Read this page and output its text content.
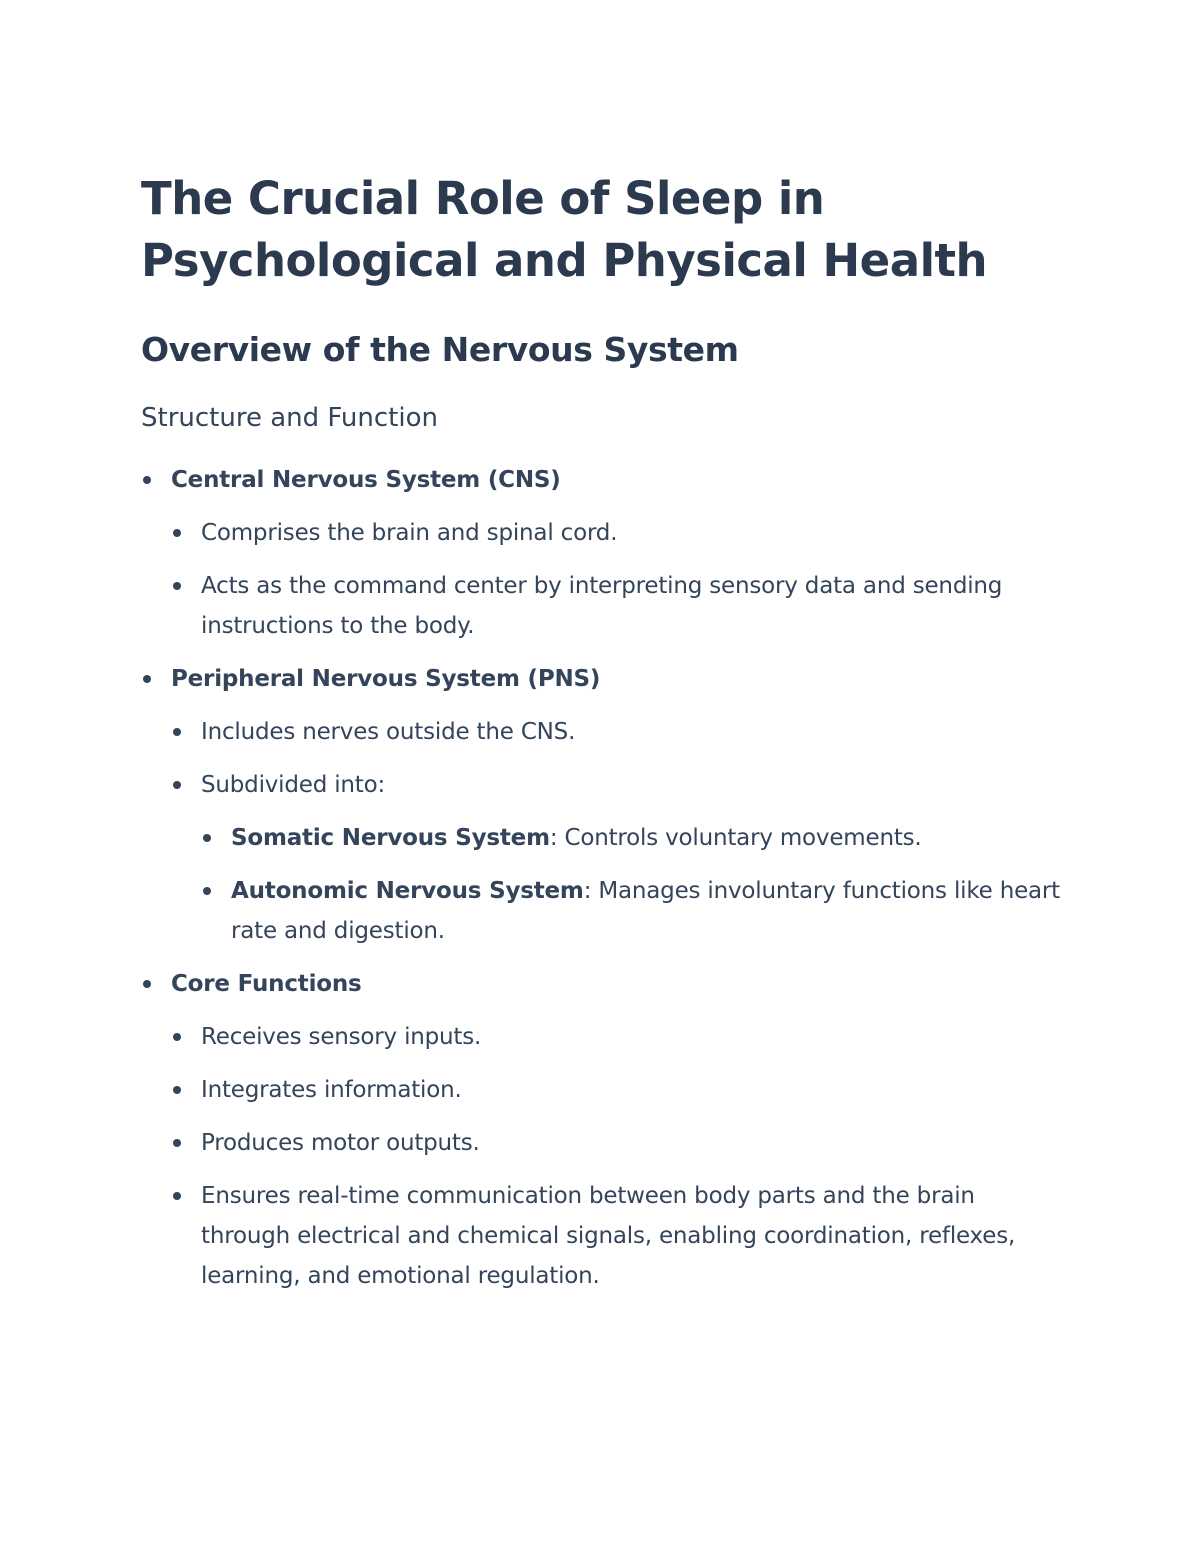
The Crucial Role of Sleep in Psychological and Physical Health
Overview of the Nervous System
Structure and Function
Central Nervous System (CNS)
Comprises the brain and spinal cord.
Acts as the command center by interpreting sensory data and sending instructions to the body.
Peripheral Nervous System (PNS)
Includes nerves outside the CNS.
Subdivided into:
Somatic Nervous System: Controls voluntary movements.
Autonomic Nervous System: Manages involuntary functions like heart rate and digestion.
Core Functions
Receives sensory inputs.
Integrates information.
Produces motor outputs.
Ensures real-time communication between body parts and the brain through electrical and chemical signals, enabling coordination, reflexes, learning, and emotional regulation.
